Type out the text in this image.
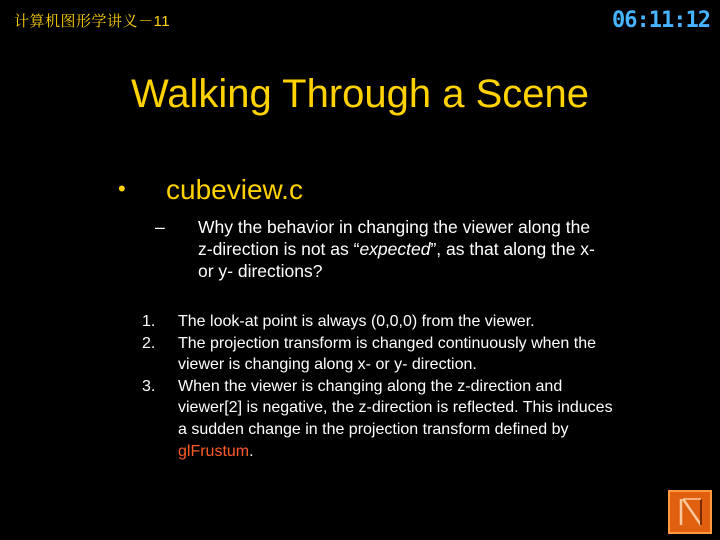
计算机图形学讲义－11	06:11:12
Walking Through a Scene
• cubeview.c
– Why the behavior in changing the viewer along the z-direction is not as “expected”, as that along the x- or y- directions?
1. The look-at point is always (0,0,0) from the viewer.
2. The projection transform is changed continuously when the viewer is changing along x- or y- direction.
3. When the viewer is changing along the z-direction and viewer[2] is negative, the z-direction is reflected. This induces a sudden change in the projection transform defined by glFrustum.
